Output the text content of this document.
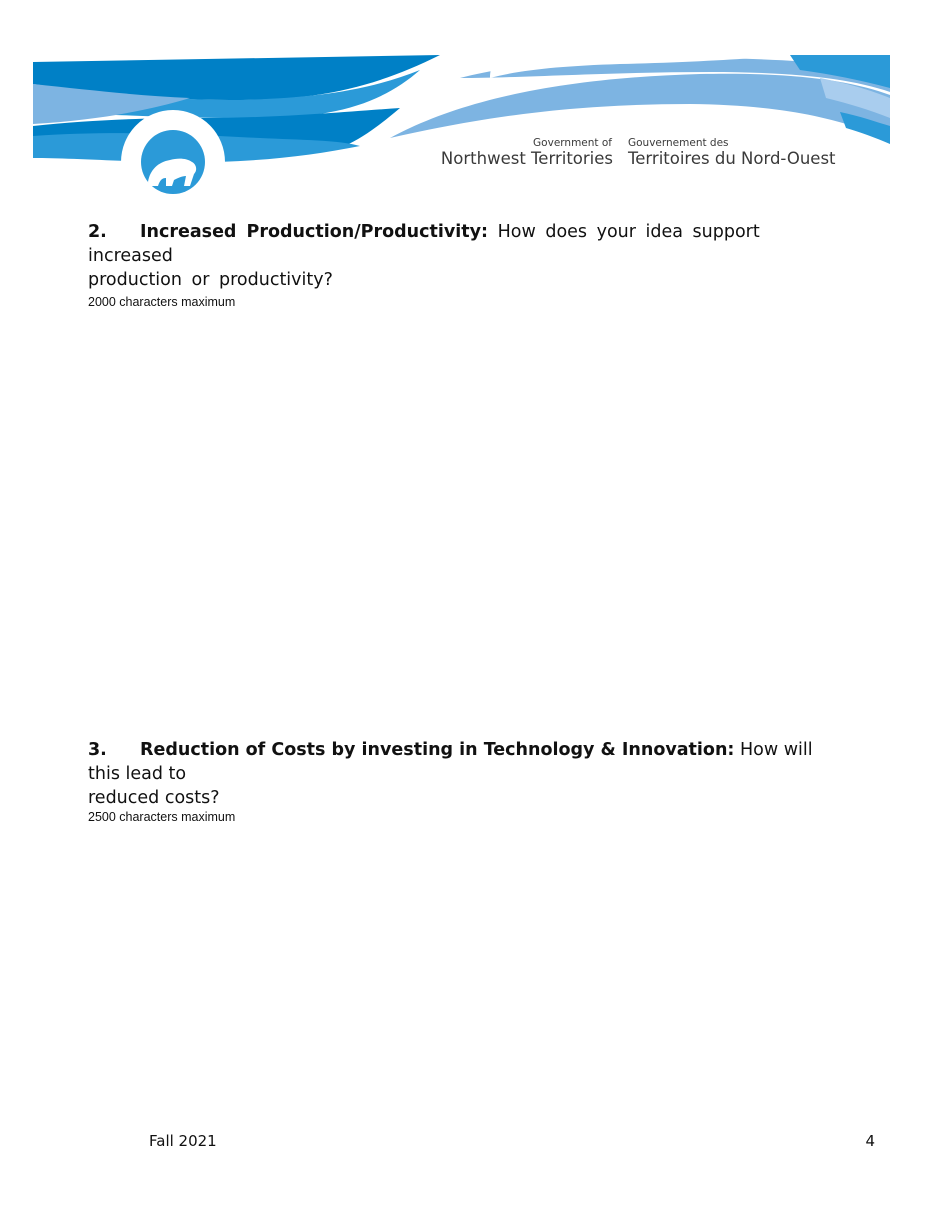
Government of
Northwest Territories
Gouvernement des
Territoires du Nord-Ouest
2. Increased Production/Productivity: How does your idea support increased
production or productivity?
2000 characters maximum
3. Reduction of Costs by investing in Technology & Innovation: How will this lead to
reduced costs?
2500 characters maximum
Fall 2021	4
